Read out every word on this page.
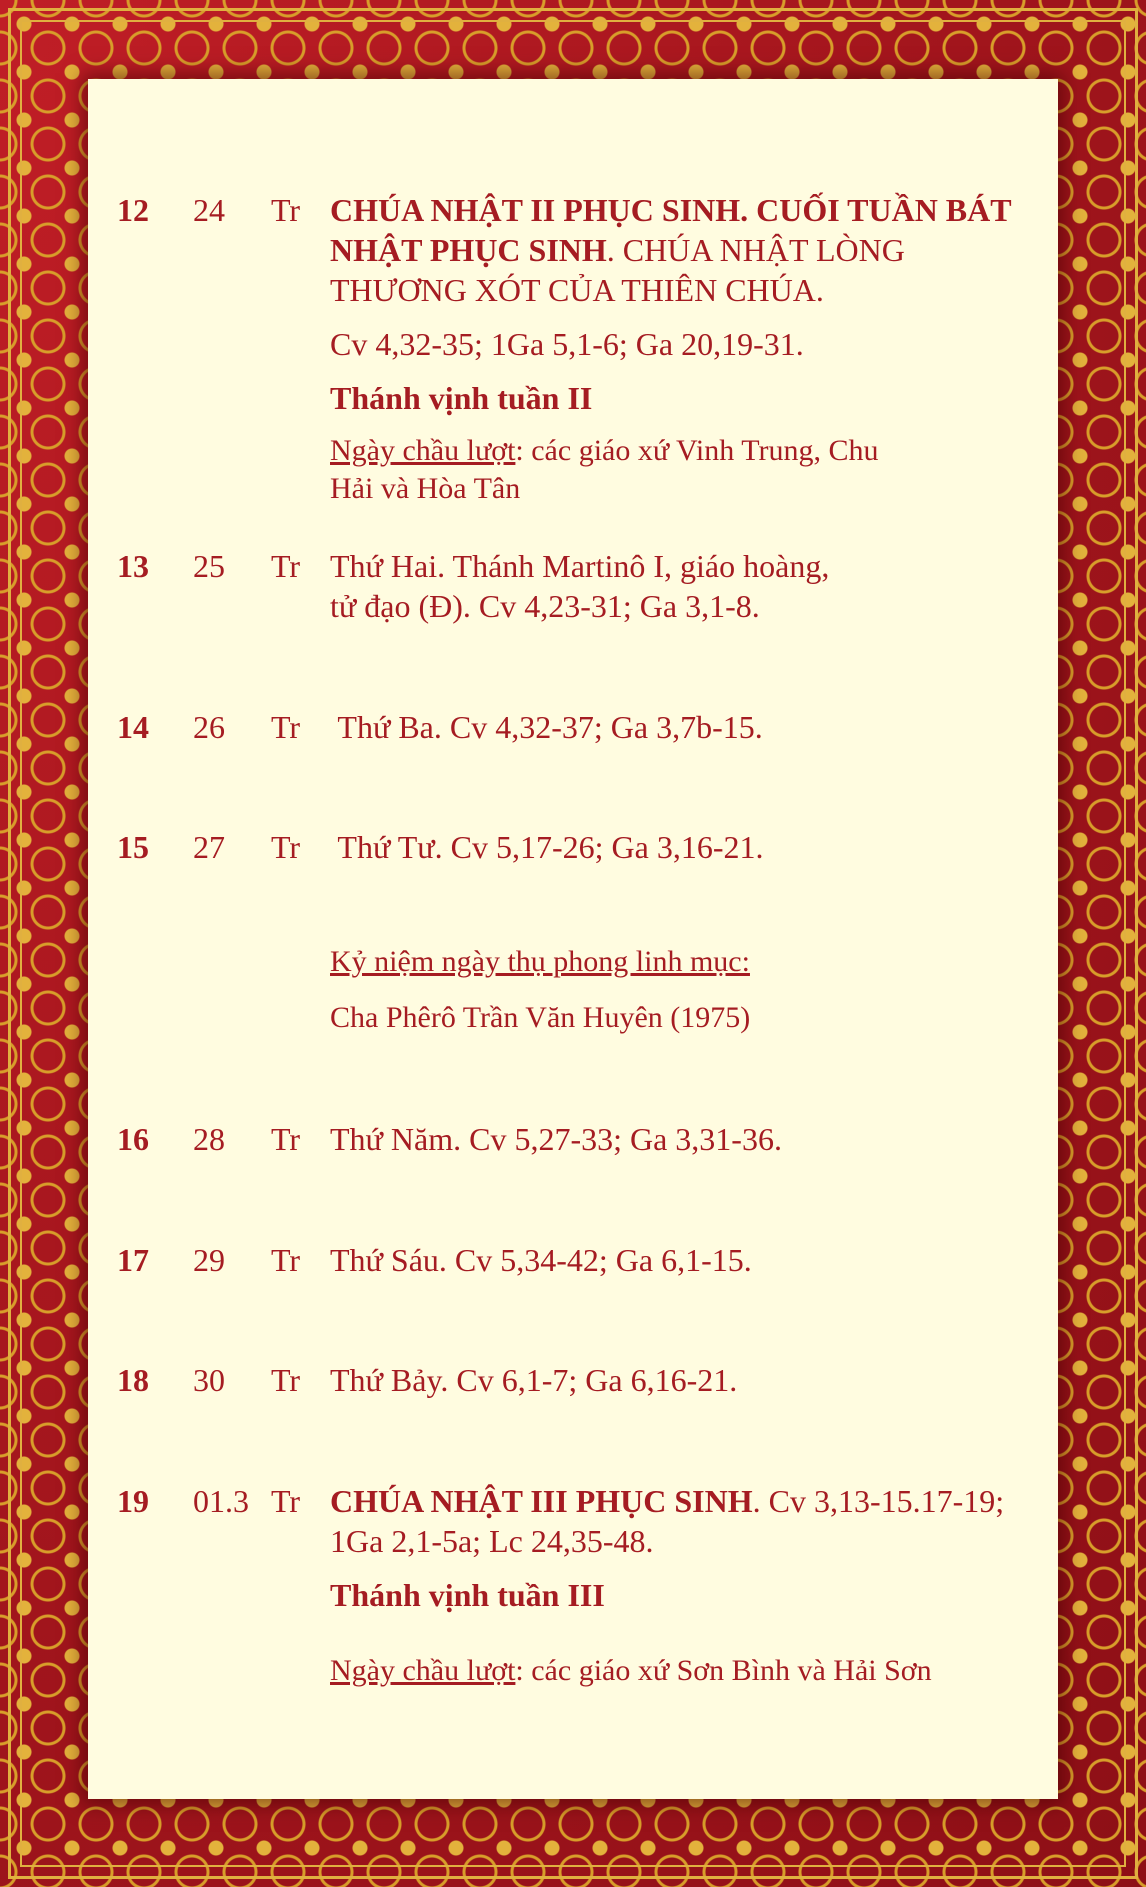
12 24 Tr CHÚA NHẬT II PHỤC SINH. CUỐI TUẦN BÁT NHẬT PHỤC SINH. CHÚA NHẬT LÒNG THƯƠNG XÓT CỦA THIÊN CHÚA.

Cv 4,32-35; 1Ga 5,1-6; Ga 20,19-31.

Thánh vịnh tuần II

Ngày chầu lượt: các giáo xứ Vinh Trung, Chu Hải và Hòa Tân

13 25 Tr Thứ Hai. Thánh Martinô I, giáo hoàng, tử đạo (Đ). Cv 4,23-31; Ga 3,1-8.

14 26 Tr Thứ Ba. Cv 4,32-37; Ga 3,7b-15.

15 27 Tr Thứ Tư. Cv 5,17-26; Ga 3,16-21.

Kỷ niệm ngày thụ phong linh mục:

Cha Phêrô Trần Văn Huyên (1975)

16 28 Tr Thứ Năm. Cv 5,27-33; Ga 3,31-36.

17 29 Tr Thứ Sáu. Cv 5,34-42; Ga 6,1-15.

18 30 Tr Thứ Bảy. Cv 6,1-7; Ga 6,16-21.

19 01.3 Tr CHÚA NHẬT III PHỤC SINH. Cv 3,13-15.17-19; 1Ga 2,1-5a; Lc 24,35-48.

Thánh vịnh tuần III

Ngày chầu lượt: các giáo xứ Sơn Bình và Hải Sơn
